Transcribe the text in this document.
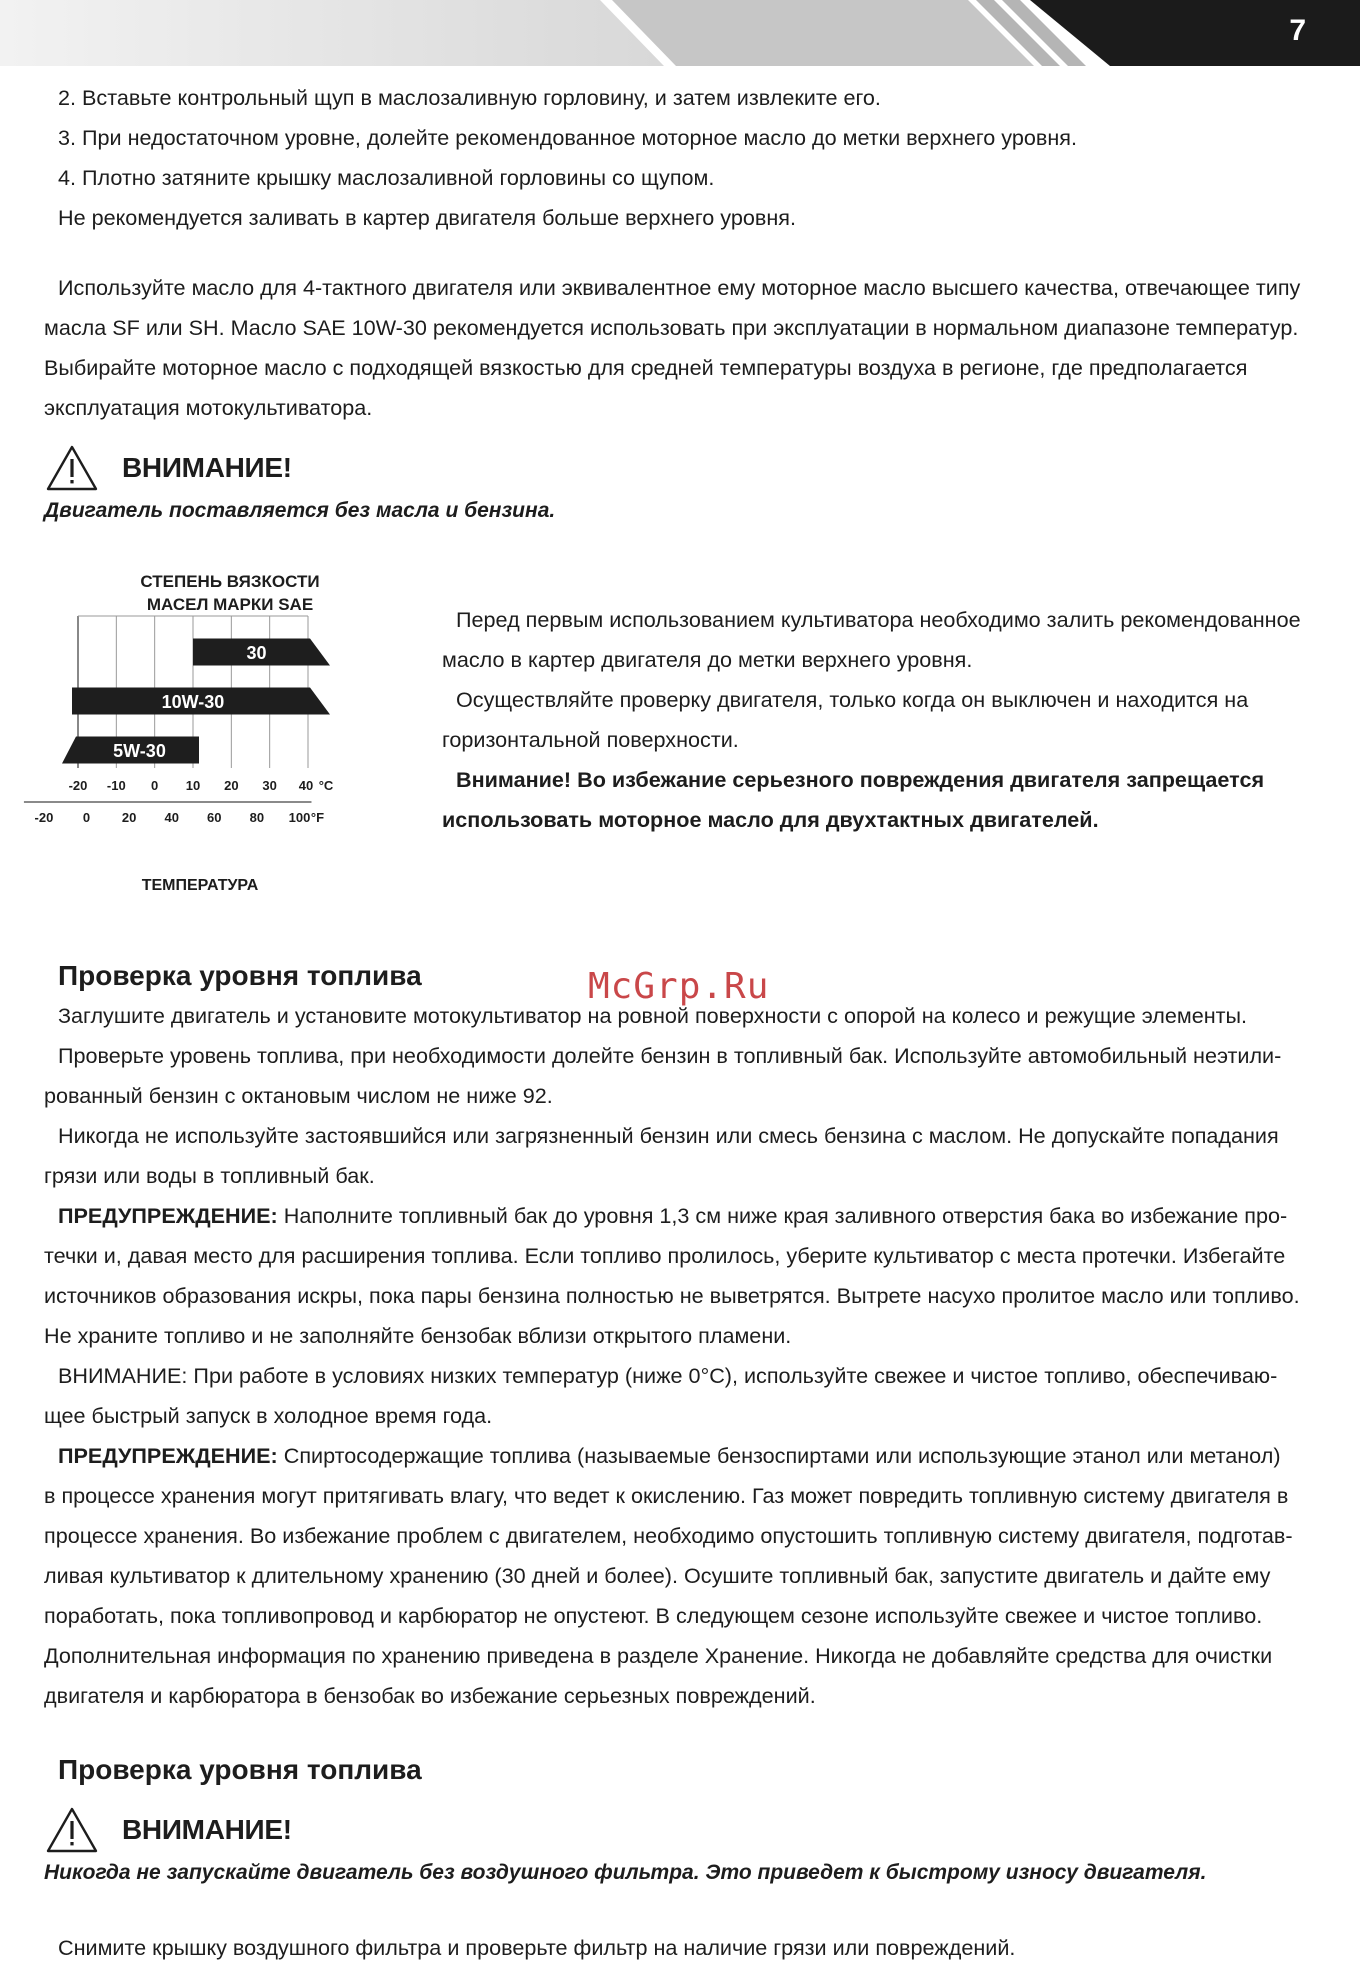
7
McGrp.Ru

2. Вставьте контрольный щуп в маслозаливную горловину, и затем извлеките его.

3. При недостаточном уровне, долейте рекомендованное моторное масло до метки верхнего уровня.

4. Плотно затяните крышку маслозаливной горловины со щупом.

Не рекомендуется заливать в картер двигателя больше верхнего уровня.

Используйте масло для 4-тактного двигателя или эквивалентное ему моторное масло высшего качества, отвечающее типу

масла SF или SH. Масло SAE 10W-30 рекомендуется использовать при эксплуатации в нормальном диапазоне температур.

Выбирайте моторное масло с подходящей вязкостью для средней температуры воздуха в регионе, где предполагается

эксплуатация мотокультиватора.

ВНИМАНИЕ!
Двигатель поставляется без масла и бензина.
СТЕПЕНЬ ВЯЗКОСТИ
МАСЕЛ МАРКИ SAE
30
10W-30
5W-30
-20 -10 0 10 20 30 40 °C
-20 0 20 40 60 80 100 °F
ТЕМПЕРАТУРА

Перед первым использованием культиватора необходимо залить рекомендованное

масло в картер двигателя до метки верхнего уровня.

Осуществляйте проверку двигателя, только когда он выключен и находится на

горизонтальной поверхности.

Внимание! Во избежание серьезного повреждения двигателя запрещается

использовать моторное масло для двухтактных двигателей.

Проверка уровня топлива

Заглушите двигатель и установите мотокультиватор на ровной поверхности с опорой на колесо и режущие элементы.

Проверьте уровень топлива, при необходимости долейте бензин в топливный бак. Используйте автомобильный неэтили-

рованный бензин с октановым числом не ниже 92.

Никогда не используйте застоявшийся или загрязненный бензин или смесь бензина с маслом. Не допускайте попадания

грязи или воды в топливный бак.

ПРЕДУПРЕЖДЕНИЕ: Наполните топливный бак до уровня 1,3 см ниже края заливного отверстия бака во избежание про-

течки и, давая место для расширения топлива. Если топливо пролилось, уберите культиватор с места протечки. Избегайте

источников образования искры, пока пары бензина полностью не выветрятся. Вытрете насухо пролитое масло или топливо.

Не храните топливо и не заполняйте бензобак вблизи открытого пламени.

ВНИМАНИЕ: При работе в условиях низких температур (ниже 0°С), используйте свежее и чистое топливо, обеспечиваю-

щее быстрый запуск в холодное время года.

ПРЕДУПРЕЖДЕНИЕ: Спиртосодержащие топлива (называемые бензоспиртами или использующие этанол или метанол)

в процессе хранения могут притягивать влагу, что ведет к окислению. Газ может повредить топливную систему двигателя в

процессе хранения. Во избежание проблем с двигателем, необходимо опустошить топливную систему двигателя, подготав-

ливая культиватор к длительному хранению (30 дней и более). Осушите топливный бак, запустите двигатель и дайте ему

поработать, пока топливопровод и карбюратор не опустеют. В следующем сезоне используйте свежее и чистое топливо.

Дополнительная информация по хранению приведена в разделе Хранение. Никогда не добавляйте средства для очистки

двигателя и карбюратора в бензобак во избежание серьезных повреждений.

Проверка уровня топлива
ВНИМАНИЕ!
Никогда не запускайте двигатель без воздушного фильтра. Это приведет к быстрому износу двигателя.

Снимите крышку воздушного фильтра и проверьте фильтр на наличие грязи или повреждений.
